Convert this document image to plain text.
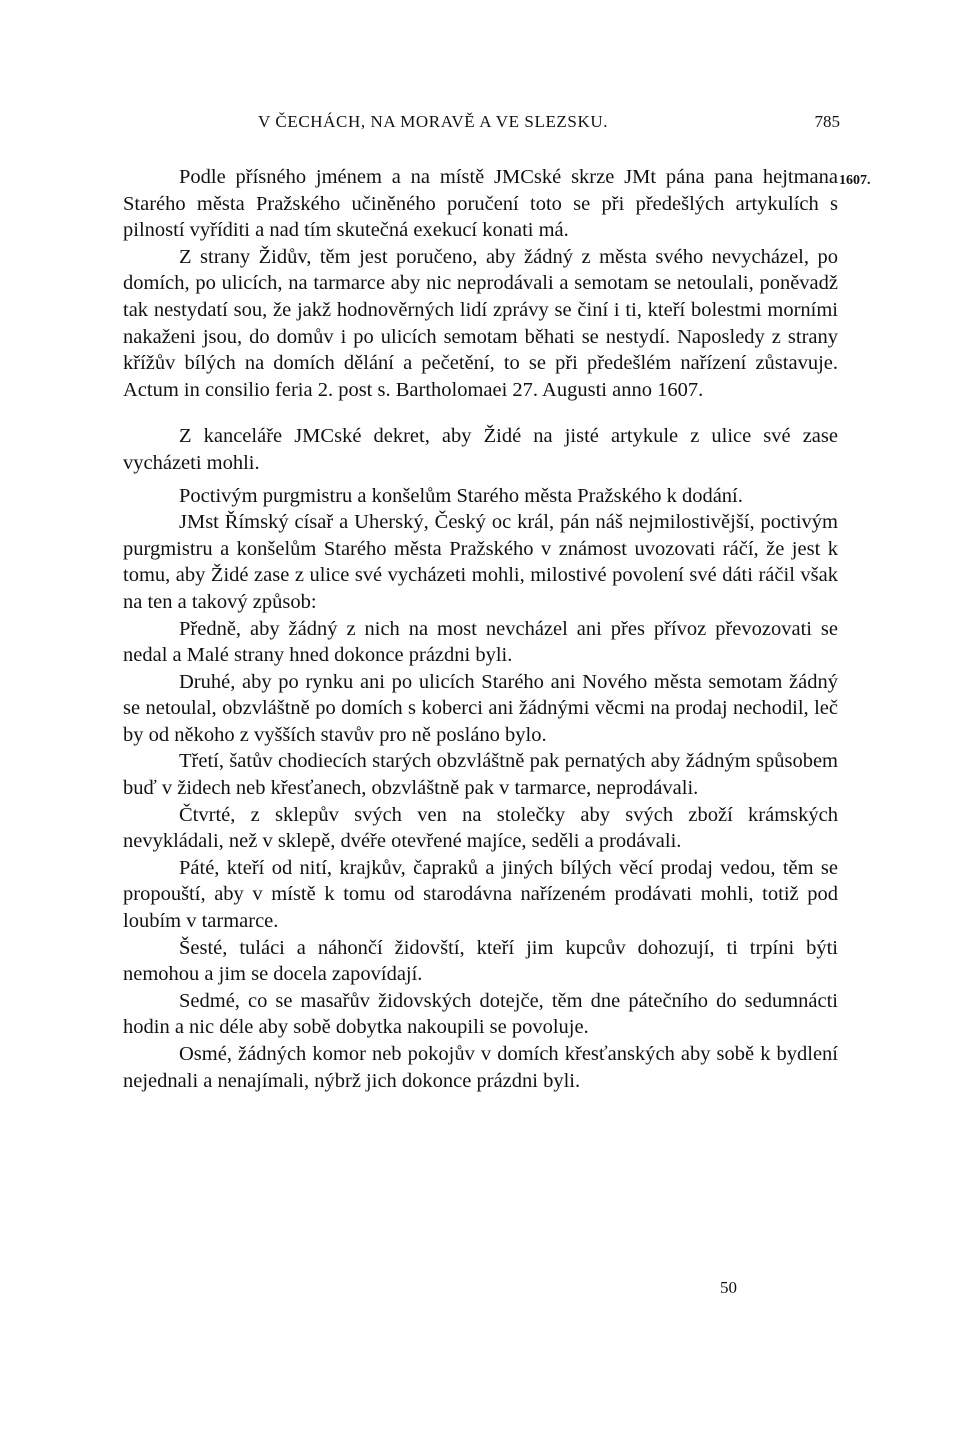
V ČECHÁCH, NA MORAVĚ A VE SLEZSKU.	785
1607.

Podle přísného jménem a na místě JMCské skrze JMt pána pana hejtmana Starého města Pražského učiněného poručení toto se při předešlých artykulích s pilností vyříditi a nad tím skutečná exekucí konati má.

Z strany Židův, těm jest poručeno, aby žádný z města svého nevycházel, po domích, po ulicích, na tarmarce aby nic neprodávali a semotam se netoulali, poněvadž tak nestydatí sou, že jakž hodnověrných lidí zprávy se činí i ti, kteří bolestmi morními nakaženi jsou, do domův i po ulicích semotam běhati se nestydí. Naposledy z strany křížův bílých na domích dělání a pečetění, to se při předešlém nařízení zůstavuje. Actum in consilio feria 2. post s. Bartholomaei 27. Augusti anno 1607.

Z kanceláře JMCské dekret, aby Židé na jisté artykule z ulice své zase vycházeti mohli.

Poctivým purgmistru a konšelům Starého města Pražského k dodání.

JMst Římský císař a Uherský, Český oc král, pán náš nejmilostivější, poctivým purgmistru a konšelům Starého města Pražského v známost uvozovati ráčí, že jest k tomu, aby Židé zase z ulice své vycházeti mohli, milostivé povolení své dáti ráčil však na ten a takový způsob:

Předně, aby žádný z nich na most nevcházel ani přes přívoz převozovati se nedal a Malé strany hned dokonce prázdni byli.

Druhé, aby po rynku ani po ulicích Starého ani Nového města semotam žádný se netoulal, obzvláštně po domích s koberci ani žádnými věcmi na prodaj nechodil, leč by od někoho z vyšších stavův pro ně posláno bylo.

Třetí, šatův chodiecích starých obzvláštně pak pernatých aby žádným spůsobem buď v židech neb křesťanech, obzvláštně pak v tarmarce, neprodávali.

Čtvrté, z sklepův svých ven na stolečky aby svých zboží krámských nevykládali, než v sklepě, dvéře otevřené majíce, seděli a prodávali.

Páté, kteří od nití, krajkův, čapraků a jiných bílých věcí prodaj vedou, těm se propouští, aby v místě k tomu od starodávna nařízeném prodávati mohli, totiž pod loubím v tarmarce.

Šesté, tuláci a náhončí židovští, kteří jim kupcův dohozují, ti trpíni býti nemohou a jim se docela zapovídají.

Sedmé, co se masařův židovských dotejče, těm dne pátečního do sedumnácti hodin a nic déle aby sobě dobytka nakoupili se povoluje.

Osmé, žádných komor neb pokojův v domích křesťanských aby sobě k bydlení nejednali a nenajímali, nýbrž jich dokonce prázdni byli.

50
